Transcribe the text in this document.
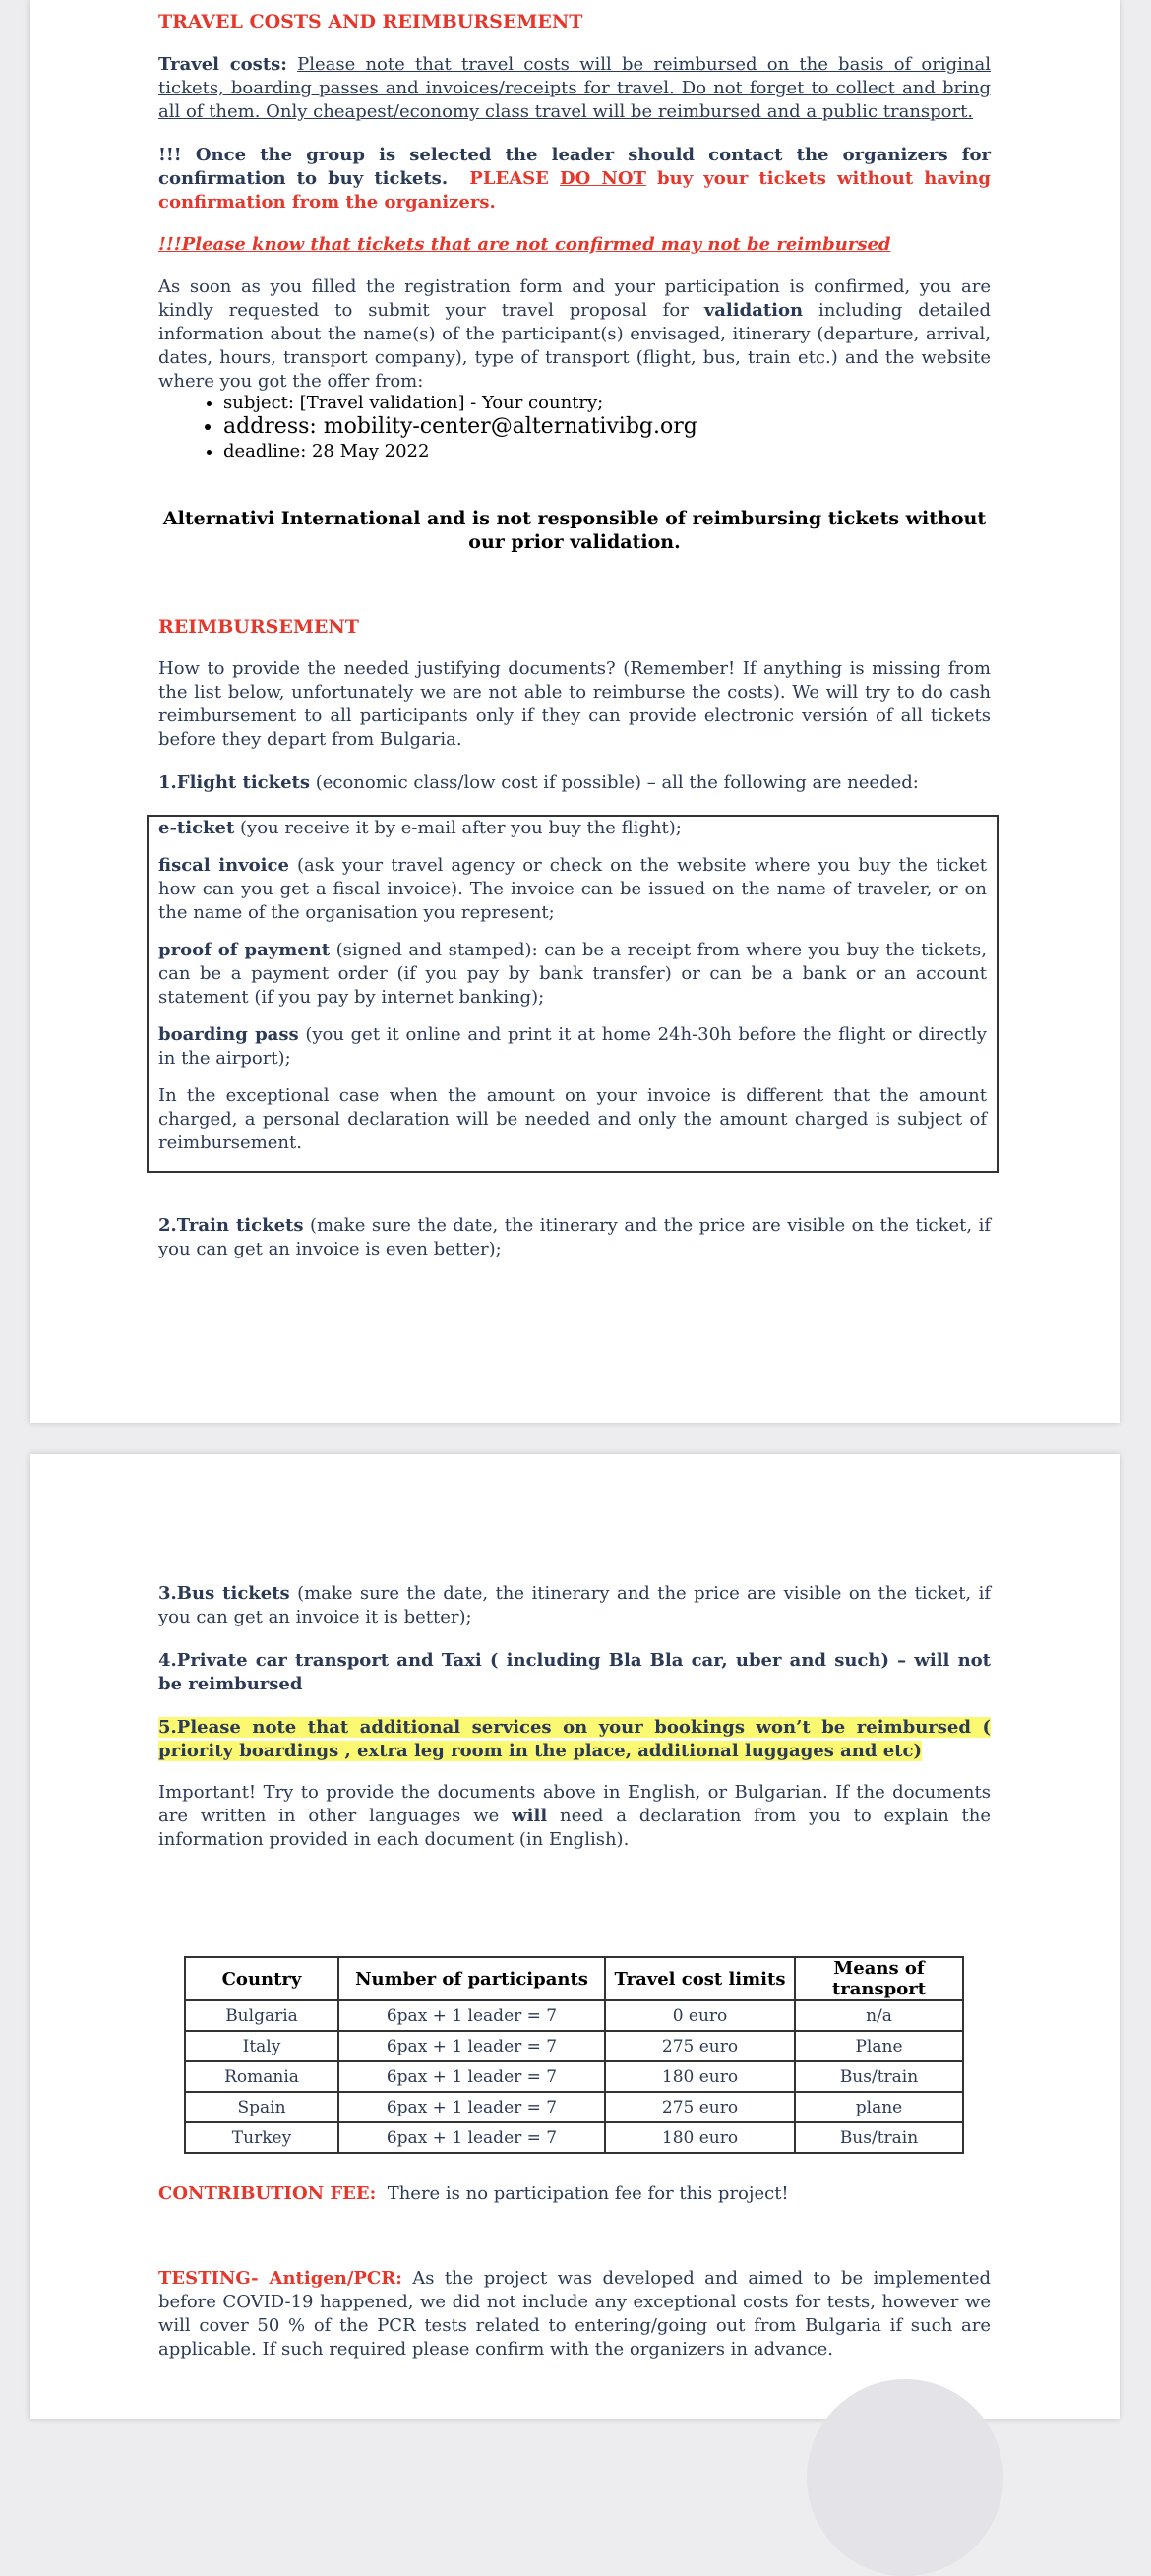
TRAVEL COSTS AND REIMBURSEMENT

Travel costs: Please note that travel costs will be reimbursed on the basis of original tickets, boarding passes and invoices/receipts for travel. Do not forget to collect and bring all of them. Only cheapest/economy class travel will be reimbursed and a public transport.

!!! Once the group is selected the leader should contact the organizers for confirmation to buy tickets. PLEASE DO NOT buy your tickets without having confirmation from the organizers.

!!!Please know that tickets that are not confirmed may not be reimbursed

As soon as you filled the registration form and your participation is confirmed, you are kindly requested to submit your travel proposal for validation including detailed information about the name(s) of the participant(s) envisaged, itinerary (departure, arrival, dates, hours, transport company), type of transport (flight, bus, train etc.) and the website where you got the offer from:

• subject: [Travel validation] - Your country;
• address: mobility-center@alternativibg.org
• deadline: 28 May 2022

Alternativi International and is not responsible of reimbursing tickets without our prior validation.

REIMBURSEMENT

How to provide the needed justifying documents? (Remember! If anything is missing from the list below, unfortunately we are not able to reimburse the costs). We will try to do cash reimbursement to all participants only if they can provide electronic versión of all tickets before they depart from Bulgaria.

1.Flight tickets (economic class/low cost if possible) – all the following are needed:

e-ticket (you receive it by e-mail after you buy the flight);

fiscal invoice (ask your travel agency or check on the website where you buy the ticket how can you get a fiscal invoice). The invoice can be issued on the name of traveler, or on the name of the organisation you represent;

proof of payment (signed and stamped): can be a receipt from where you buy the tickets, can be a payment order (if you pay by bank transfer) or can be a bank or an account statement (if you pay by internet banking);

boarding pass (you get it online and print it at home 24h-30h before the flight or directly in the airport);

In the exceptional case when the amount on your invoice is different that the amount charged, a personal declaration will be needed and only the amount charged is subject of reimbursement.

2.Train tickets (make sure the date, the itinerary and the price are visible on the ticket, if you can get an invoice is even better);

3.Bus tickets (make sure the date, the itinerary and the price are visible on the ticket, if you can get an invoice it is better);

4.Private car transport and Taxi ( including Bla Bla car, uber and such) – will not be reimbursed

5.Please note that additional services on your bookings won’t be reimbursed ( priority boardings , extra leg room in the place, additional luggages and etc)

Important! Try to provide the documents above in English, or Bulgarian. If the documents are written in other languages we will need a declaration from you to explain the information provided in each document (in English).

Country	Number of participants	Travel cost limits	Means of transport
Bulgaria	6pax + 1 leader = 7	0 euro	n/a
Italy	6pax + 1 leader = 7	275 euro	Plane
Romania	6pax + 1 leader = 7	180 euro	Bus/train
Spain	6pax + 1 leader = 7	275 euro	plane
Turkey	6pax + 1 leader = 7	180 euro	Bus/train

CONTRIBUTION FEE: There is no participation fee for this project!

TESTING- Antigen/PCR: As the project was developed and aimed to be implemented before COVID-19 happened, we did not include any exceptional costs for tests, however we will cover 50 % of the PCR tests related to entering/going out from Bulgaria if such are applicable. If such required please confirm with the organizers in advance.
